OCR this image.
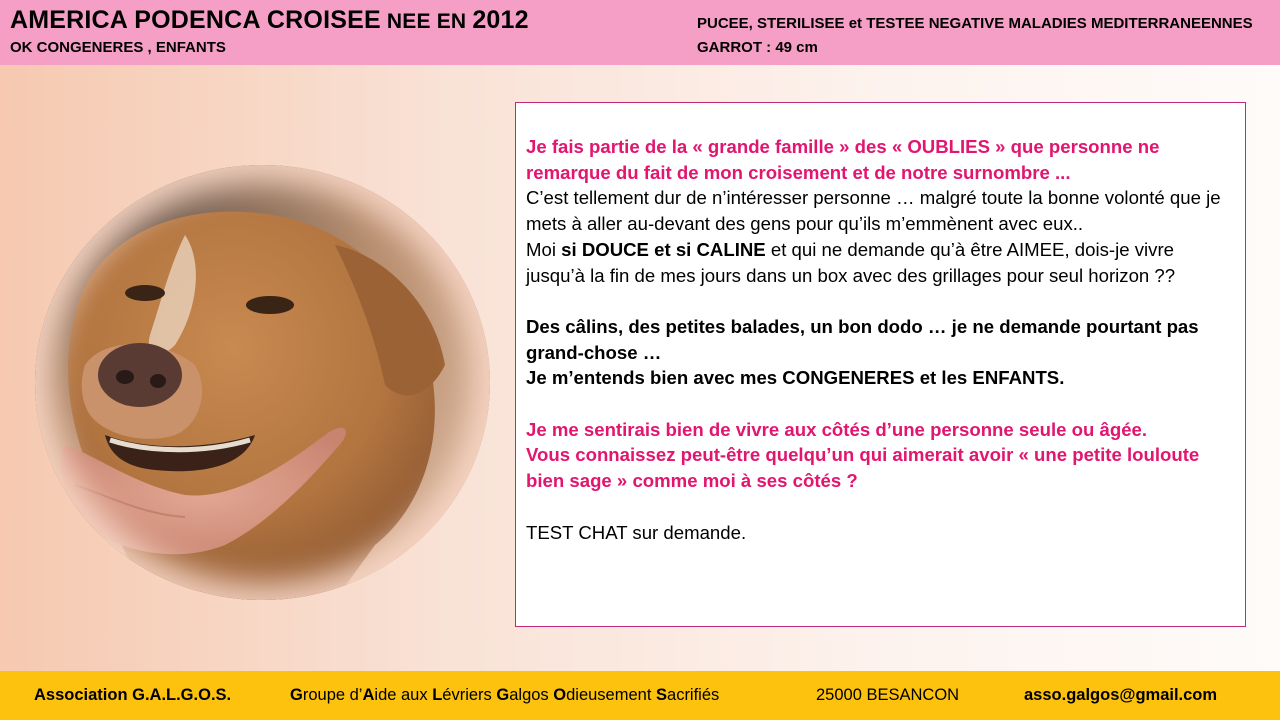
AMERICA PODENCA CROISEE NEE EN 2012
OK CONGENERES , ENFANTS
PUCEE, STERILISEE et TESTEE NEGATIVE MALADIES MEDITERRANEENNES
GARROT : 49 cm

Je fais partie de la « grande famille » des « OUBLIES » que personne ne remarque du fait de mon croisement et de notre surnombre ...

C’est tellement dur de n’intéresser personne … malgré toute la bonne volonté que je mets à aller au-devant des gens pour qu’ils m’emmènent avec eux..

Moi si DOUCE et si CALINE et qui ne demande qu’à être AIMEE, dois-je vivre jusqu’à la fin de mes jours dans un box avec des grillages pour seul horizon ??

Des câlins, des petites balades, un bon dodo … je ne demande pourtant pas grand-chose …

Je m’entends bien avec mes CONGENERES et les ENFANTS.

Je me sentirais bien de vivre aux côtés d’une personne seule ou âgée.

Vous connaissez peut-être quelqu’un qui aimerait avoir « une petite louloute bien sage » comme moi à ses côtés ?

TEST CHAT sur demande.

Association G.A.L.G.O.S.	Groupe d’Aide aux Lévriers Galgos Odieusement Sacrifiés	25000 BESANCON	asso.galgos@gmail.com
